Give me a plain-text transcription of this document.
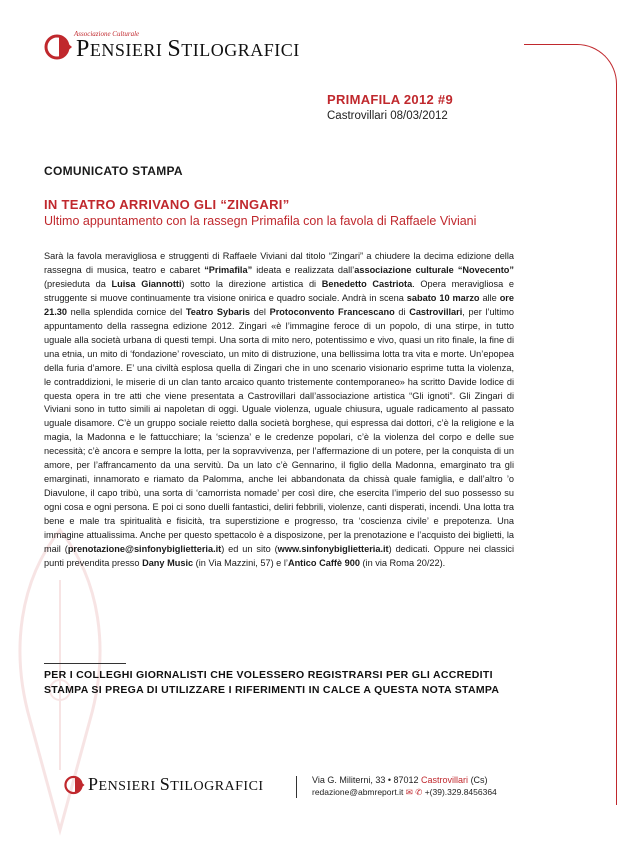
Associazione Culturale
PENSIERI STILOGRAFICI
PRIMAFILA 2012 #9
Castrovillari 08/03/2012
COMUNICATO STAMPA
IN TEATRO ARRIVANO GLI “ZINGARI”
Ultimo appuntamento con la rassegn Primafila con la favola di Raffaele Viviani

Sarà la favola meravigliosa e struggenti di Raffaele Viviani dal titolo “Zingari” a chiudere la decima edizione della rassegna di musica, teatro e cabaret “Primafila” ideata e realizzata dall’associazione culturale “Novecento” (presieduta da Luisa Giannotti) sotto la direzione artistica di Benedetto Castriota. Opera meravigliosa e struggente si muove continuamente tra visione onirica e quadro sociale. Andrà in scena sabato 10 marzo alle ore 21.30 nella splendida cornice del Teatro Sybaris del Protoconvento Francescano di Castrovillari, per l’ultimo appuntamento della rassegna edizione 2012. Zingari «è l’immagine feroce di un popolo, di una stirpe, in tutto uguale alla società urbana di questi tempi. Una sorta di mito nero, potentissimo e vivo, quasi un rito finale, la fine di una etnia, un mito di ‘fondazione’ rovesciato, un mito di distruzione, una bellissima lotta tra vita e morte. Un’epopea della furia d’amore. E’ una civiltà esplosa quella di Zingari che in uno scenario visionario esprime tutta la violenza, le contraddizioni, le miserie di un clan tanto arcaico quanto tristemente contemporaneo» ha scritto Davide Iodice di questa opera in tre atti che viene presentata a Castrovillari dall’associazione artistica “Gli ignoti”. Gli Zingari di Viviani sono in tutto simili ai napoletan di oggi. Uguale violenza, uguale chiusura, uguale radicamento al passato uguale disamore. C’è un gruppo sociale reietto dalla società borghese, qui espressa dai dottori, c’è la religione e la magia, la Madonna e le fattucchiare; la ‘scienza’ e le credenze popolari, c’è la violenza del corpo e delle sue necessità; c’è ancora e sempre la lotta, per la sopravvivenza, per l’affermazione di un potere, per la conquista di un amore, per l’affrancamento da una servitù. Da un lato c’è Gennarino, il figlio della Madonna, emarginato tra gli emarginati, innamorato e riamato da Palomma, anche lei abbandonata da chissà quale famiglia, e dall’altro ’o Diavulone, il capo tribù, una sorta di ‘camorrista nomade’ per così dire, che esercita l’imperio del suo possesso su ogni cosa e ogni persona. E poi ci sono duelli fantastici, deliri febbrili, violenze, canti disperati, incendi. Una lotta tra bene e male tra spiritualità e fisicità, tra superstizione e progresso, tra ‘coscienza civile’ e prepotenza. Una immagine attualissima. Anche per questo spettacolo è a disposizone, per la prenotazione e l’acquisto dei biglietti, la mail (prenotazione@sinfonybiglietteria.it) ed un sito (www.sinfonybiglietteria.it) dedicati. Oppure nei classici punti prevendita presso Dany Music (in Via Mazzini, 57) e l’Antico Caffè 900 (in via Roma 20/22).

PER I COLLEGHI GIORNALISTI CHE VOLESSERO REGISTRARSI PER GLI ACCREDITI STAMPA SI PREGA DI UTILIZZARE I RIFERIMENTI IN CALCE A QUESTA NOTA STAMPA
PENSIERI STILOGRAFICI	Via G. Militerni, 33 • 87012 Castrovillari (Cs)
redazione@abmreport.it ✉ ✆ +(39).329.8456364
